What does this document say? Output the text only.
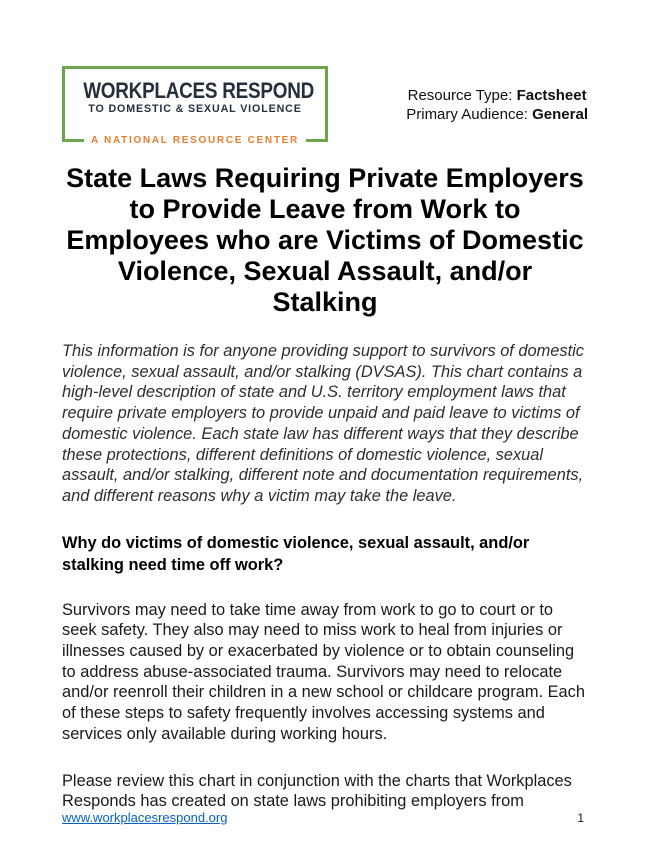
WORKPLACES RESPOND
TO DOMESTIC & SEXUAL VIOLENCE
A NATIONAL RESOURCE CENTER
Resource Type: Factsheet
Primary Audience: General
State Laws Requiring Private Employers
to Provide Leave from Work to
Employees who are Victims of Domestic
Violence, Sexual Assault, and/or
Stalking

This information is for anyone providing support to survivors of domestic violence, sexual assault, and/or stalking (DVSAS). This chart contains a high-level description of state and U.S. territory employment laws that require private employers to provide unpaid and paid leave to victims of domestic violence. Each state law has different ways that they describe these protections, different definitions of domestic violence, sexual assault, and/or stalking, different note and documentation requirements, and different reasons why a victim may take the leave.

Why do victims of domestic violence, sexual assault, and/or stalking need time off work?

Survivors may need to take time away from work to go to court or to seek safety. They also may need to miss work to heal from injuries or illnesses caused by or exacerbated by violence or to obtain counseling to address abuse-associated trauma. Survivors may need to relocate and/or reenroll their children in a new school or childcare program. Each of these steps to safety frequently involves accessing systems and services only available during working hours.

Please review this chart in conjunction with the charts that Workplaces Responds has created on state laws prohibiting employers from

www.workplacesrespond.org	1
